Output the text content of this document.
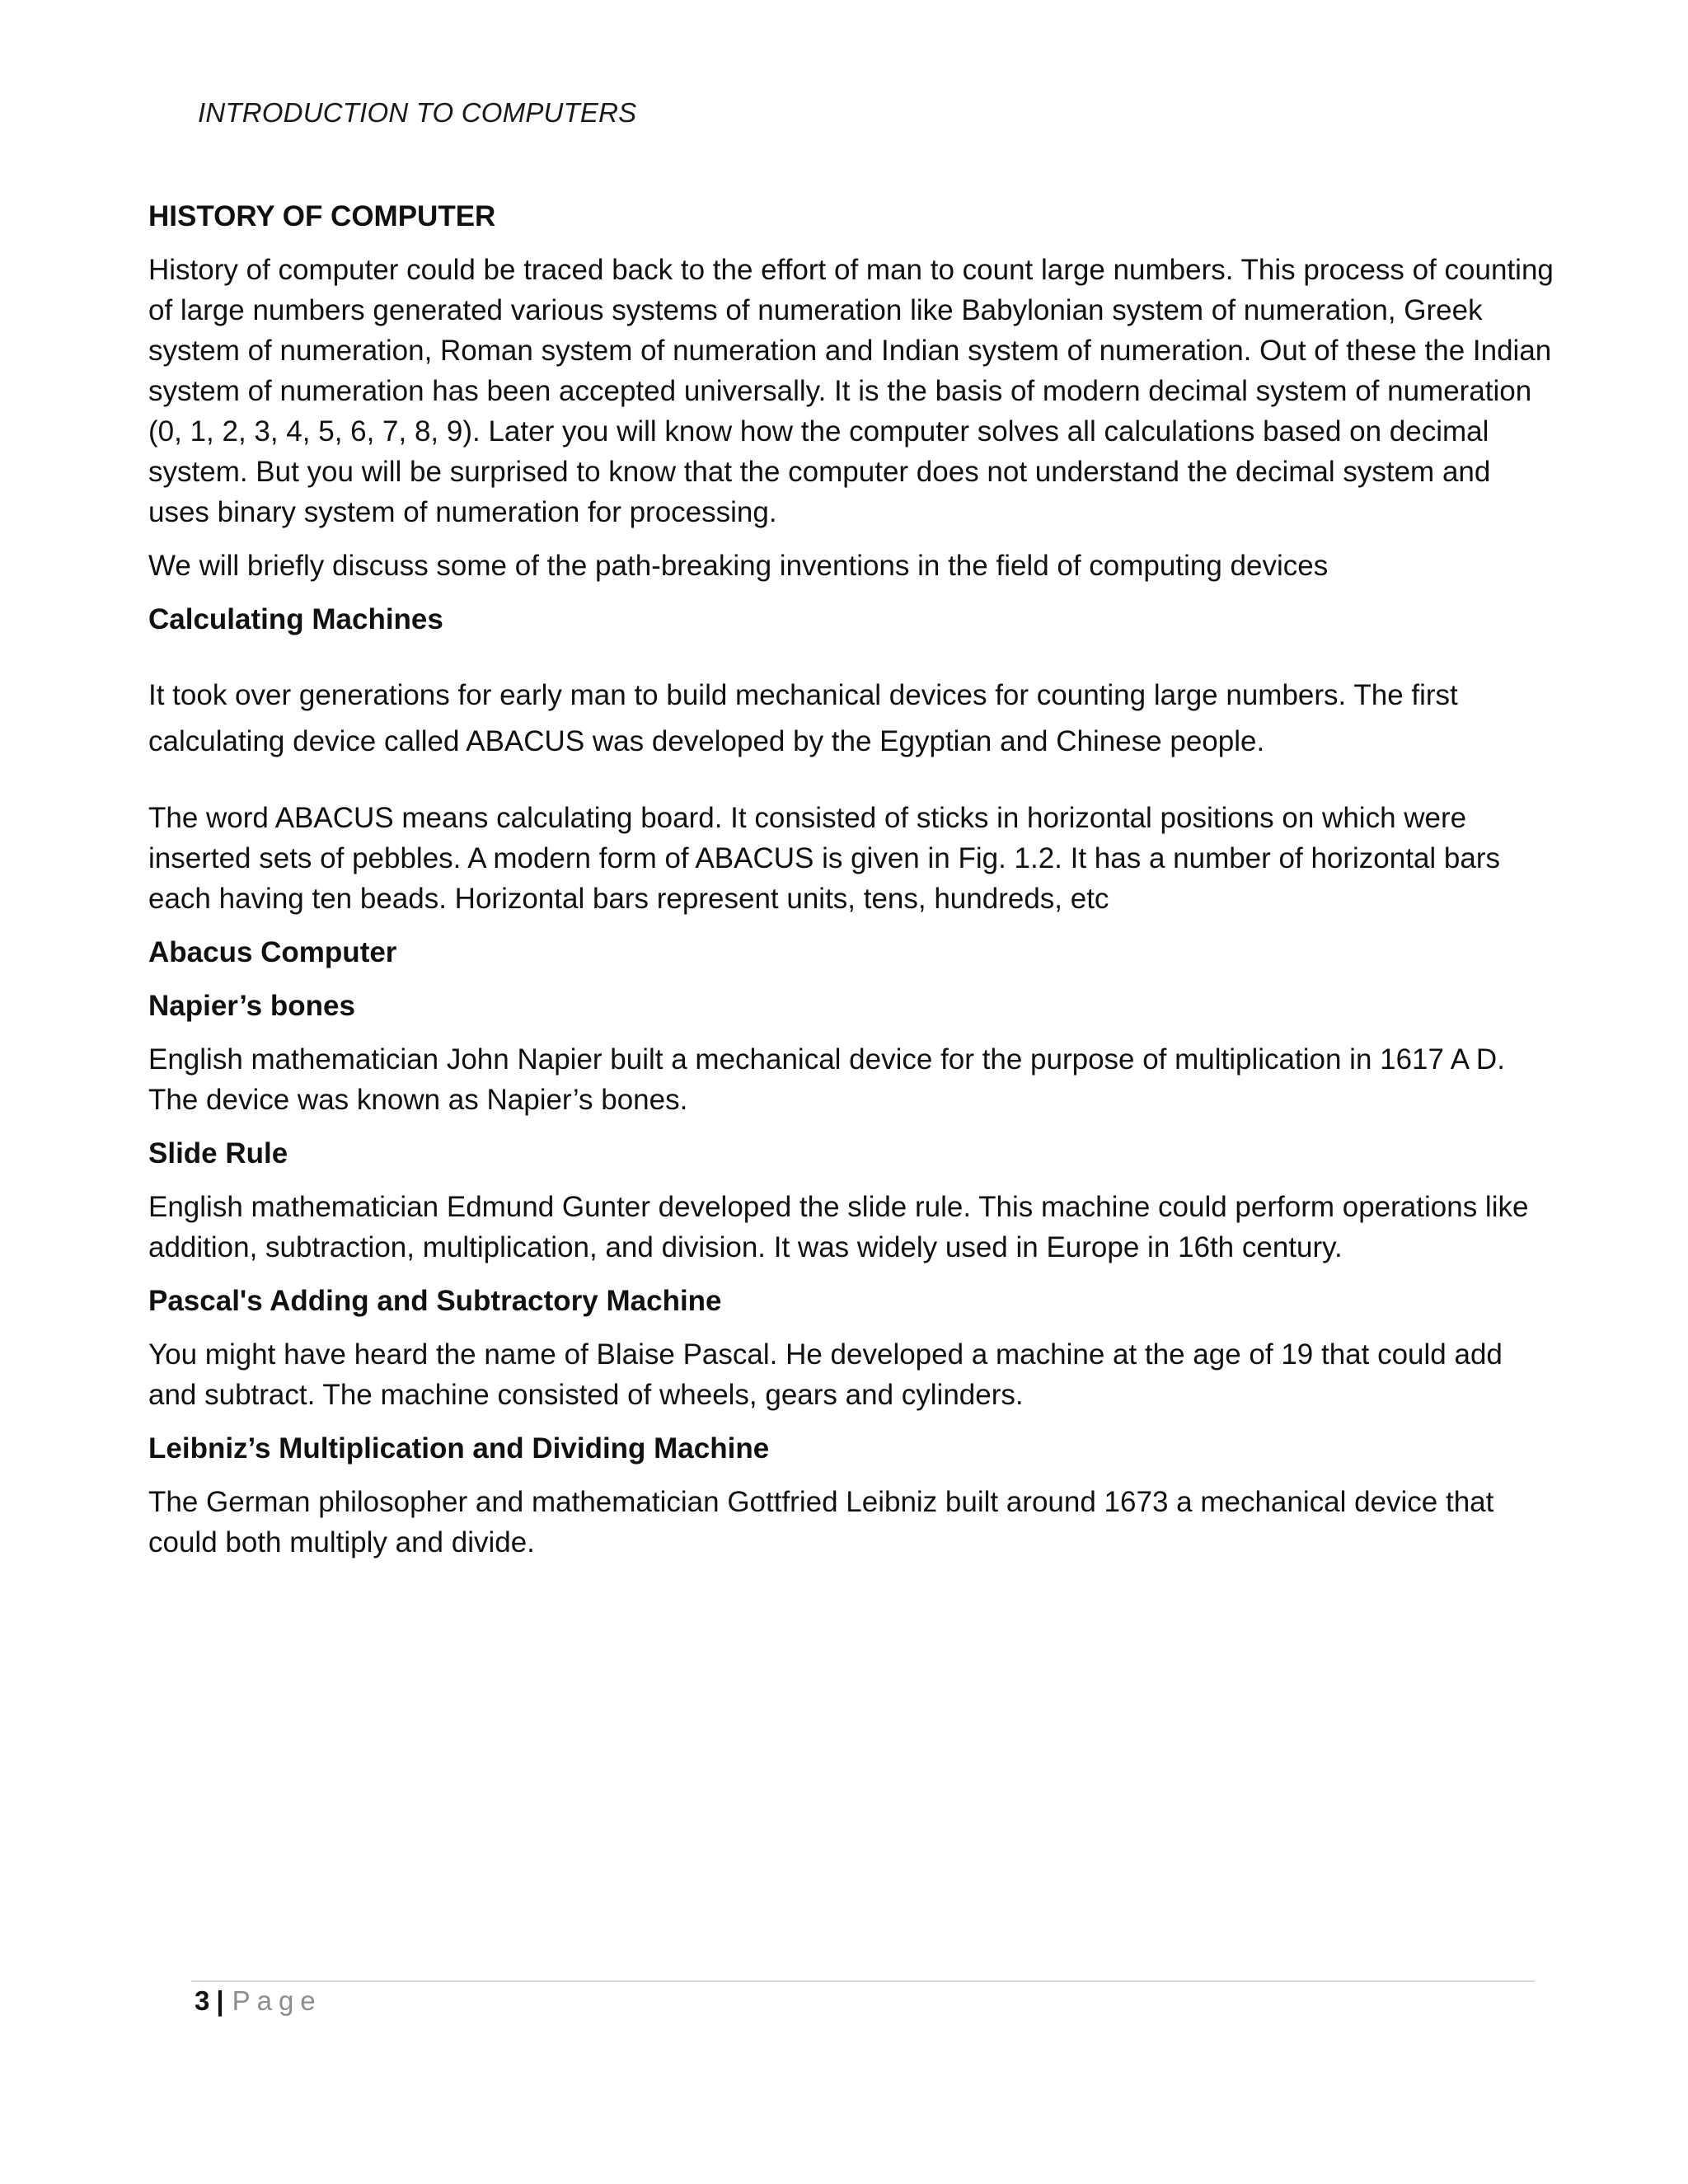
INTRODUCTION TO COMPUTERS
HISTORY OF COMPUTER

History of computer could be traced back to the effort of man to count large numbers. This process of counting of large numbers generated various systems of numeration like Babylonian system of numeration, Greek system of numeration, Roman system of numeration and Indian system of numeration. Out of these the Indian system of numeration has been accepted universally. It is the basis of modern decimal system of numeration (0, 1, 2, 3, 4, 5, 6, 7, 8, 9). Later you will know how the computer solves all calculations based on decimal system. But you will be surprised to know that the computer does not understand the decimal system and uses binary system of numeration for processing.

We will briefly discuss some of the path-breaking inventions in the field of computing devices

Calculating Machines

It took over generations for early man to build mechanical devices for counting large numbers. The first calculating device called ABACUS was developed by the Egyptian and Chinese people.

The word ABACUS means calculating board. It consisted of sticks in horizontal positions on which were inserted sets of pebbles. A modern form of ABACUS is given in Fig. 1.2. It has a number of horizontal bars each having ten beads. Horizontal bars represent units, tens, hundreds, etc

Abacus Computer
Napier’s bones

English mathematician John Napier built a mechanical device for the purpose of multiplication in 1617 A D. The device was known as Napier’s bones.

Slide Rule

English mathematician Edmund Gunter developed the slide rule. This machine could perform operations like addition, subtraction, multiplication, and division. It was widely used in Europe in 16th century.

Pascal's Adding and Subtractory Machine

You might have heard the name of Blaise Pascal. He developed a machine at the age of 19 that could add and subtract. The machine consisted of wheels, gears and cylinders.

Leibniz’s Multiplication and Dividing Machine

The German philosopher and mathematician Gottfried Leibniz built around 1673 a mechanical device that could both multiply and divide.

3 | Page
